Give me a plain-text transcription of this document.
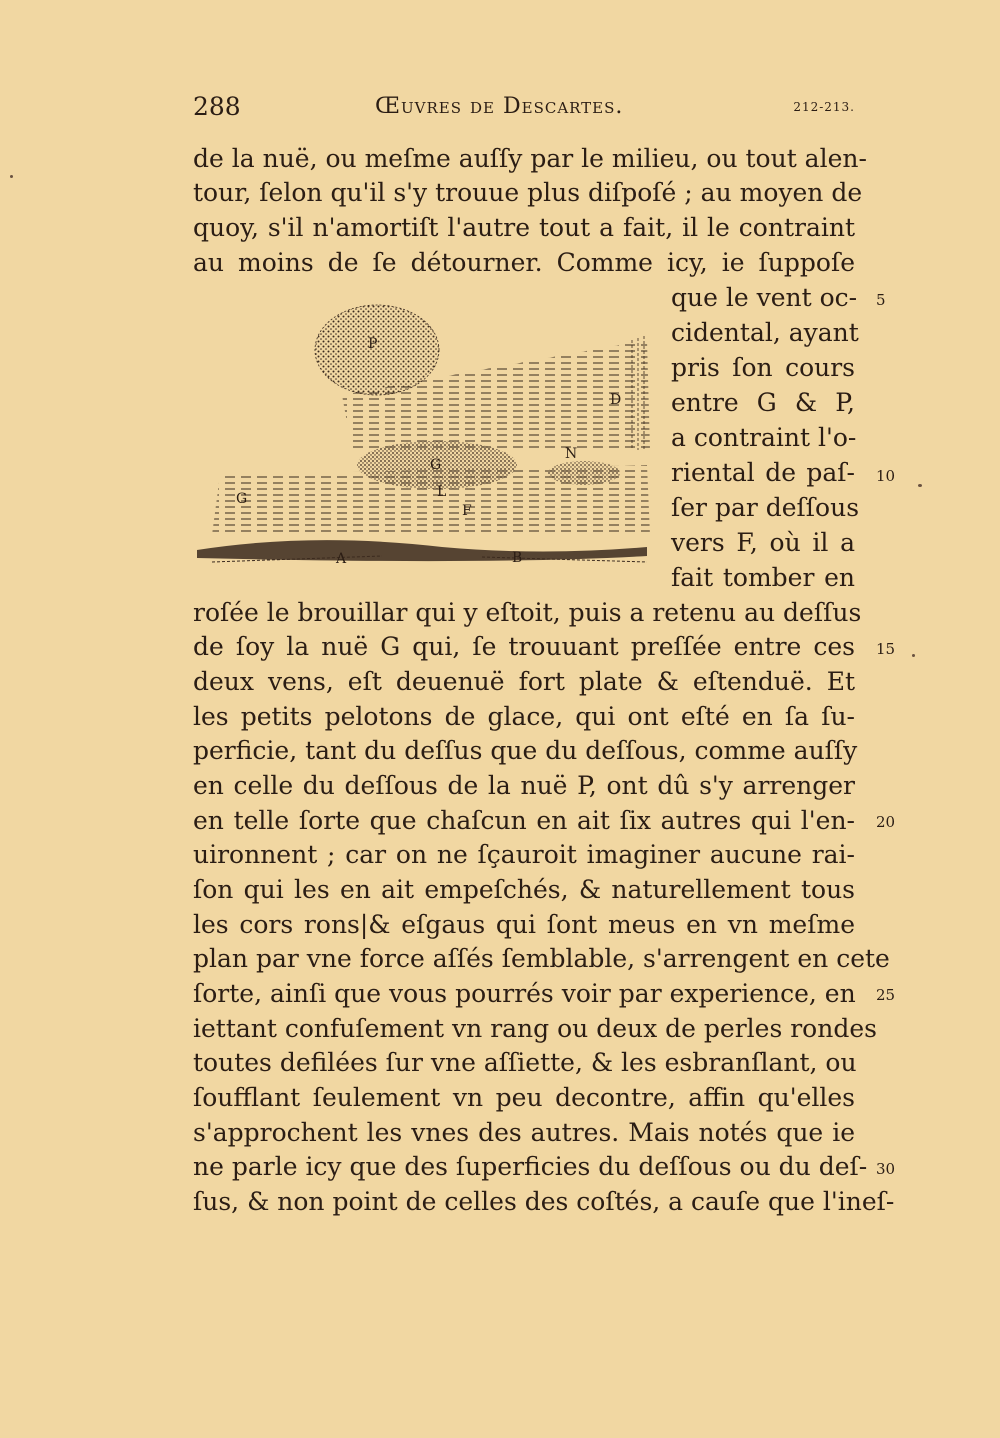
288	Œuvres de Descartes.	212-213.
de la nuë, ou meſme auſſy par le milieu, ou tout alen-
tour, ſelon qu'il s'y trouue plus diſpoſé ; au moyen de
quoy, s'il n'amortiſt l'autre tout a fait, il le contraint
au moins de ſe détourner. Comme icy, ie ſuppoſe
que le vent oc-
cidental, ayant
pris ſon cours
entre G & P,
a contraint l'o-
riental de paſ-
ſer par deſſous
vers F, où il a
fait tomber en
roſée le brouillar qui y eſtoit, puis a retenu au deſſus
de ſoy la nuë G qui, ſe trouuant preſſée entre ces
deux vens, eſt deuenuë fort plate & eſtenduë. Et
les petits pelotons de glace, qui ont eſté en ſa ſu-
perficie, tant du deſſus que du deſſous, comme auſſy
en celle du deſſous de la nuë P, ont dû s'y arrenger
en telle ſorte que chaſcun en ait ſix autres qui l'en-
uironnent ; car on ne ſçauroit imaginer aucune rai-
ſon qui les en ait empeſchés, & naturellement tous
les cors rons|& eſgaus qui ſont meus en vn meſme
plan par vne force aſſés ſemblable, s'arrengent en cete
ſorte, ainſi que vous pourrés voir par experience, en
iettant confuſement vn rang ou deux de perles rondes
toutes defilées ſur vne aſſiette, & les esbranſlant, ou
ſoufflant ſeulement vn peu decontre, affin qu'elles
s'approchent les vnes des autres. Mais notés que ie
ne parle icy que des ſuperficies du deſſous ou du deſ-
ſus, & non point de celles des coſtés, a cauſe que l'ineſ-
5
10
15
20
25
30
P
D
N
G
L
F
G
A	B
